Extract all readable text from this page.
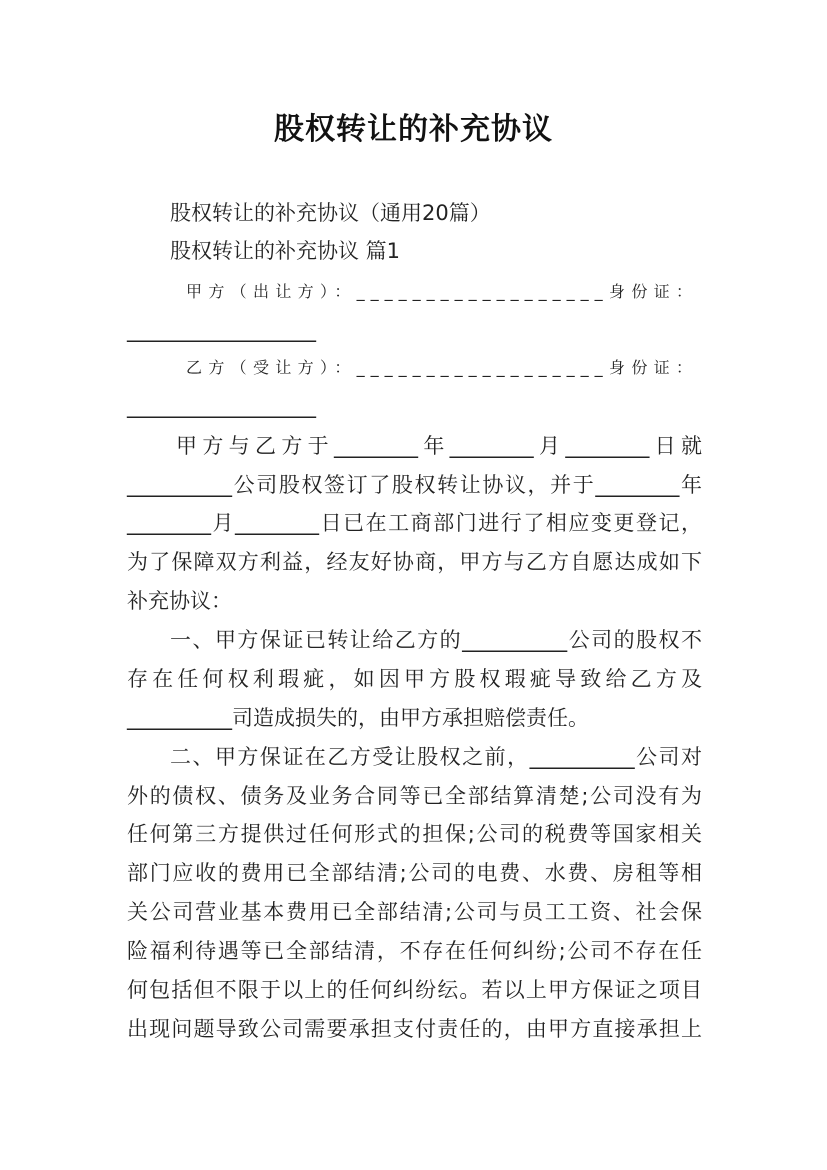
股权转让的补充协议
股权转让的补充协议（通用20篇）
股权转让的补充协议 篇1
甲方（出让方）：__________________身份证：
__________________
乙方（受让方）：__________________身份证：
__________________
甲方与乙方于________年________月________日就
__________公司股权签订了股权转让协议，并于________年
________月________日已在工商部门进行了相应变更登记，
为了保障双方利益，经友好协商，甲方与乙方自愿达成如下
补充协议：
一、甲方保证已转让给乙方的__________公司的股权不
存在任何权利瑕疵，如因甲方股权瑕疵导致给乙方及
__________司造成损失的，由甲方承担赔偿责任。
二、甲方保证在乙方受让股权之前，__________公司对
外的债权、债务及业务合同等已全部结算清楚;公司没有为
任何第三方提供过任何形式的担保;公司的税费等国家相关
部门应收的费用已全部结清;公司的电费、水费、房租等相
关公司营业基本费用已全部结清;公司与员工工资、社会保
险福利待遇等已全部结清，不存在任何纠纷;公司不存在任
何包括但不限于以上的任何纠纷纭。若以上甲方保证之项目
出现问题导致公司需要承担支付责任的，由甲方直接承担上
